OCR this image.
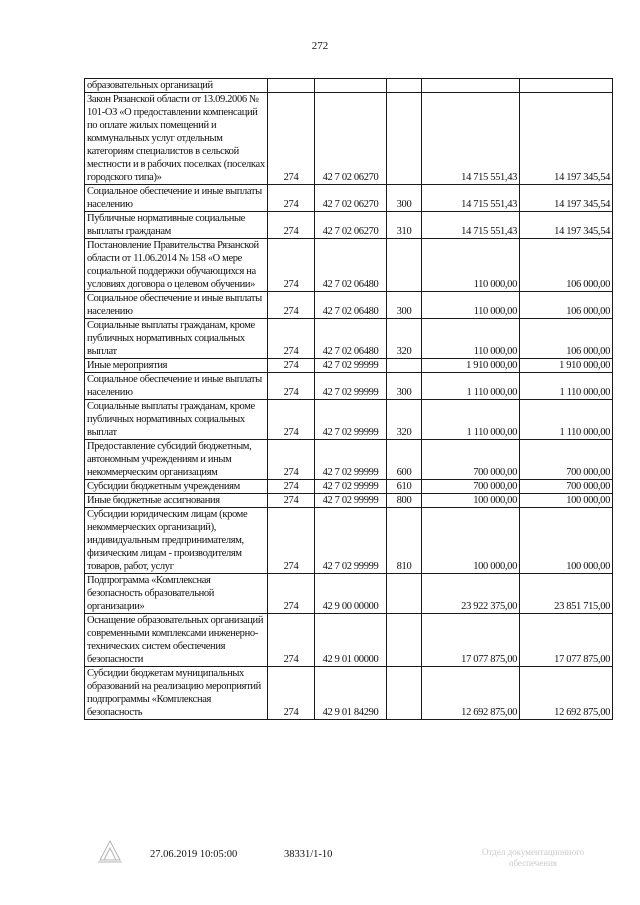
272
образовательных организаций					
Закон Рязанской области от 13.09.2006 № 101-ОЗ «О предоставлении компенсаций по оплате жилых помещений и коммунальных услуг отдельным категориям специалистов в сельской местности и в рабочих поселках (поселках городского типа)»	274	42 7 02 06270		14 715 551,43	14 197 345,54
Социальное обеспечение и иные выплаты населению	274	42 7 02 06270	300	14 715 551,43	14 197 345,54
Публичные нормативные социальные выплаты гражданам	274	42 7 02 06270	310	14 715 551,43	14 197 345,54
Постановление Правительства Рязанской области от 11.06.2014 № 158 «О мере социальной поддержки обучающихся на условиях договора о целевом обучении»	274	42 7 02 06480		110 000,00	106 000,00
Социальное обеспечение и иные выплаты населению	274	42 7 02 06480	300	110 000,00	106 000,00
Социальные выплаты гражданам, кроме публичных нормативных социальных выплат	274	42 7 02 06480	320	110 000,00	106 000,00
Иные мероприятия	274	42 7 02 99999		1 910 000,00	1 910 000,00
Социальное обеспечение и иные выплаты населению	274	42 7 02 99999	300	1 110 000,00	1 110 000,00
Социальные выплаты гражданам, кроме публичных нормативных социальных выплат	274	42 7 02 99999	320	1 110 000,00	1 110 000,00
Предоставление субсидий бюджетным, автономным учреждениям и иным некоммерческим организациям	274	42 7 02 99999	600	700 000,00	700 000,00
Субсидии бюджетным учреждениям	274	42 7 02 99999	610	700 000,00	700 000,00
Иные бюджетные ассигнования	274	42 7 02 99999	800	100 000,00	100 000,00
Субсидии юридическим лицам (кроме некоммерческих организаций), индивидуальным предпринимателям, физическим лицам - производителям товаров, работ, услуг	274	42 7 02 99999	810	100 000,00	100 000,00
Подпрограмма «Комплексная безопасность образовательной организации»	274	42 9 00 00000		23 922 375,00	23 851 715,00
Оснащение образовательных организаций современными комплексами инженерно-технических систем обеспечения безопасности	274	42 9 01 00000		17 077 875,00	17 077 875,00
Субсидии бюджетам муниципальных образований на реализацию мероприятий подпрограммы «Комплексная безопасность	274	42 9 01 84290		12 692 875,00	12 692 875,00
27.06.2019 10:05:00	38331/1-10	Отдел документационного
обеспечения
